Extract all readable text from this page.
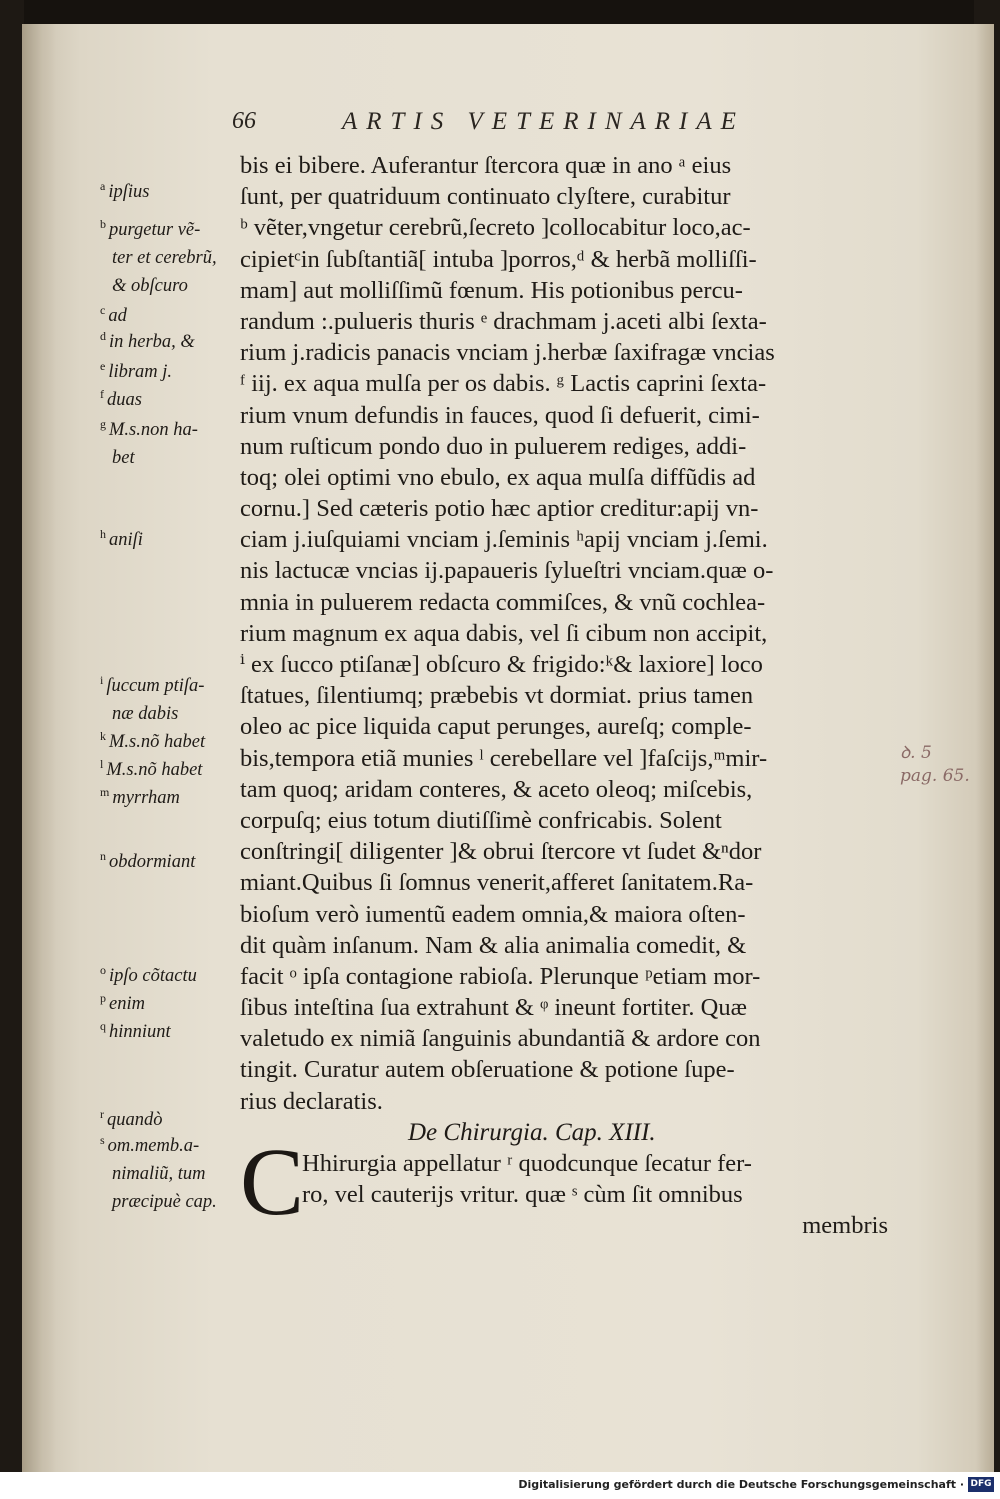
66	ARTIS VETERINARIAE
bis ei bibere. Auferantur ſtercora quæ in ano ᵃ eius
ſunt, per quatriduum continuato clyſtere, curabitur
ᵇ vẽter,vngetur cerebrũ,ſecreto ]collocabitur loco,ac-
cipietᶜin ſubſtantiã[ intuba ]porros,ᵈ & herbã molliſſi-
mam] aut molliſſimũ fœnum. His potionibus percu-
randum :.pulueris thuris ᵉ drachmam j.aceti albi ſexta-
rium j.radicis panacis vnciam j.herbæ ſaxifragæ vncias
ᶠ iij. ex aqua mulſa per os dabis. ᵍ Lactis caprini ſexta-
rium vnum defundis in fauces, quod ſi defuerit, cimi-
num ruſticum pondo duo in puluerem rediges, addi-
toq; olei optimi vno ebulo, ex aqua mulſa diffũdis ad
cornu.] Sed cæteris potio hæc aptior creditur:apij vn-
ciam j.iuſquiami vnciam j.ſeminis ʰapij vnciam j.ſemi.
nis lactucæ vncias ij.papaueris ſylueſtri vnciam.quæ o-
mnia in puluerem redacta commiſces, & vnũ cochlea-
rium magnum ex aqua dabis, vel ſi cibum non accipit,
ⁱ ex ſucco ptiſanæ] obſcuro & frigido:ᵏ& laxiore] loco
ſtatues, ſilentiumq; præbebis vt dormiat. prius tamen
oleo ac pice liquida caput perunges, aureſq; comple-
bis,tempora etiã munies ˡ cerebellare vel ]faſcijs,ᵐmir-
tam quoq; aridam conteres, & aceto oleoq; miſcebis,
corpuſq; eius totum diutiſſimè confricabis. Solent
conſtringi[ diligenter ]& obrui ſtercore vt ſudet &ⁿdor
miant.Quibus ſi ſomnus venerit,afferet ſanitatem.Ra-
bioſum verò iumentũ eadem omnia,& maiora oſten-
dit quàm inſanum. Nam & alia animalia comedit, &
facit ᵒ ipſa contagione rabioſa. Plerunque ᵖetiam mor-
ſibus inteſtina ſua extrahunt & ᵠ ineunt fortiter. Quæ
valetudo ex nimiã ſanguinis abundantiã & ardore con
tingit. Curatur autem obſeruatione & potione ſupe-
rius declaratis.
De Chirurgia. Cap. XIII.
Hhirurgia appellatur ʳ quodcunque ſecatur fer-
ro, vel cauterijs vritur. quæ ˢ cùm ſit omnibus
membris
C
$^a$ ipſius
$^b$ purgetur vẽ-
ter et cerebrũ,
& obſcuro
$^c$ ad
$^d$ in herba, &
$^e$ libram j.
$^f$ duas
$^g$ M.s.non ha-
bet
$^h$ aniſi
$^i$ ſuccum ptiſa-
næ dabis
$^k$ M.s.nõ habet
$^l$ M.s.nõ habet
$^m$ myrrham
$^n$ obdormiant
$^o$ ipſo cõtactu
$^p$ enim
$^q$ hinniunt
$^r$ quandò
$^s$ om.memb.a-
nimaliũ, tum
præcipuè cap.
ꝺ. 5
pag. 65.
Digitalisierung gefördert durch die Deutsche Forschungsgemeinschaft · DFG
